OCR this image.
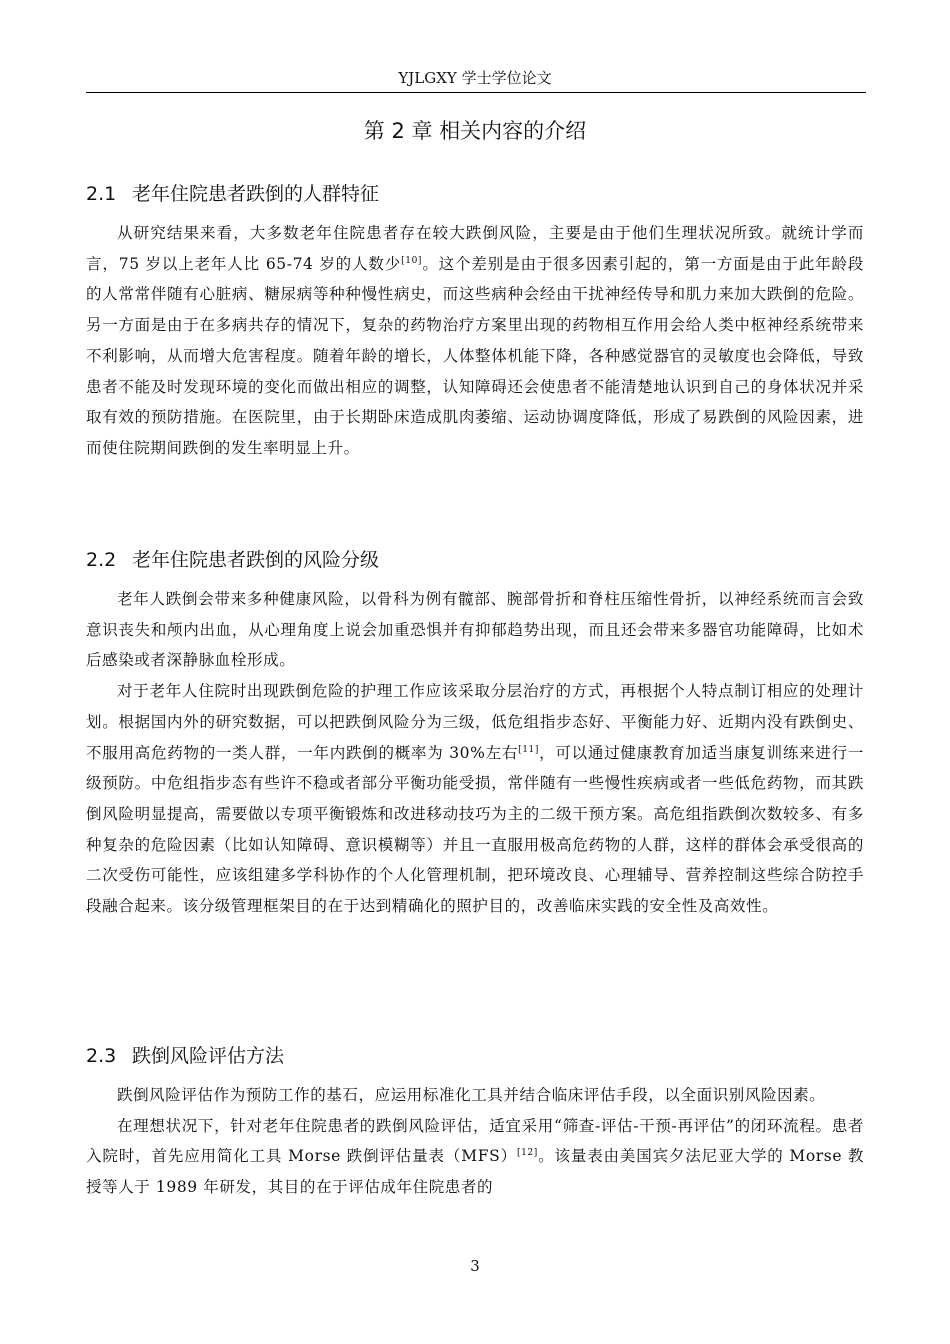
YJLGXY 学士学位论文
第 2 章 相关内容的介绍
2.1 老年住院患者跌倒的人群特征

从研究结果来看，大多数老年住院患者存在较大跌倒风险，主要是由于他们生理状况所致。就统计学而言，75 岁以上老年人比 65-74 岁的人数少[10]。这个差别是由于很多因素引起的，第一方面是由于此年龄段的人常常伴随有心脏病、糖尿病等种种慢性病史，而这些病种会经由干扰神经传导和肌力来加大跌倒的危险。另一方面是由于在多病共存的情况下，复杂的药物治疗方案里出现的药物相互作用会给人类中枢神经系统带来不利影响，从而增大危害程度。随着年龄的增长，人体整体机能下降，各种感觉器官的灵敏度也会降低，导致患者不能及时发现环境的变化而做出相应的调整，认知障碍还会使患者不能清楚地认识到自己的身体状况并采取有效的预防措施。在医院里，由于长期卧床造成肌肉萎缩、运动协调度降低，形成了易跌倒的风险因素，进而使住院期间跌倒的发生率明显上升。

2.2 老年住院患者跌倒的风险分级

老年人跌倒会带来多种健康风险，以骨科为例有髋部、腕部骨折和脊柱压缩性骨折，以神经系统而言会致意识丧失和颅内出血，从心理角度上说会加重恐惧并有抑郁趋势出现，而且还会带来多器官功能障碍，比如术后感染或者深静脉血栓形成。

对于老年人住院时出现跌倒危险的护理工作应该采取分层治疗的方式，再根据个人特点制订相应的处理计划。根据国内外的研究数据，可以把跌倒风险分为三级，低危组指步态好、平衡能力好、近期内没有跌倒史、不服用高危药物的一类人群，一年内跌倒的概率为 30%左右[11]，可以通过健康教育加适当康复训练来进行一级预防。中危组指步态有些许不稳或者部分平衡功能受损，常伴随有一些慢性疾病或者一些低危药物，而其跌倒风险明显提高，需要做以专项平衡锻炼和改进移动技巧为主的二级干预方案。高危组指跌倒次数较多、有多种复杂的危险因素（比如认知障碍、意识模糊等）并且一直服用极高危药物的人群，这样的群体会承受很高的二次受伤可能性，应该组建多学科协作的个人化管理机制，把环境改良、心理辅导、营养控制这些综合防控手段融合起来。该分级管理框架目的在于达到精确化的照护目的，改善临床实践的安全性及高效性。

2.3 跌倒风险评估方法

跌倒风险评估作为预防工作的基石，应运用标准化工具并结合临床评估手段，以全面识别风险因素。

在理想状况下，针对老年住院患者的跌倒风险评估，适宜采用“筛查-评估-干预-再评估”的闭环流程。患者入院时，首先应用简化工具 Morse 跌倒评估量表（MFS）[12]。该量表由美国宾夕法尼亚大学的 Morse 教授等人于 1989 年研发，其目的在于评估成年住院患者的

3
